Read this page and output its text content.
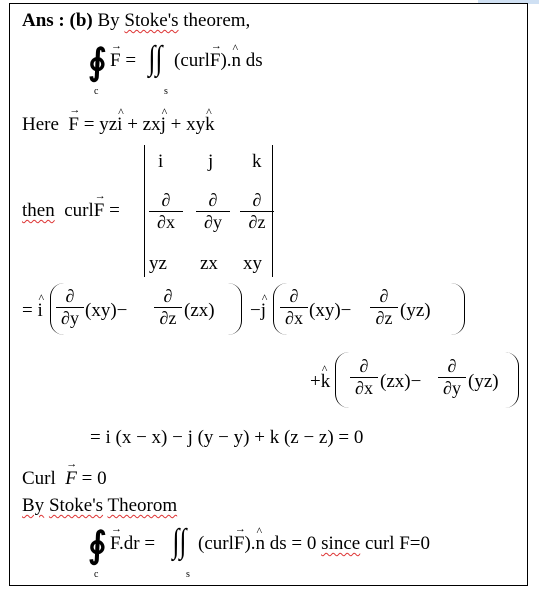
Ans : (b) By Stoke's theorem,
∮ → F = ∫∫ (curl→ F).^ n ds
c	s
Here → F = yz^ i + zx^ j + xy^ k
then curl→ F =
i j k
∂
∂x
∂
∂y
∂
∂z
yz zx xy
= ^ i
∂
∂y (xy)−
∂
∂z (zx) −^ j
∂
∂x (xy)−
∂
∂z (yz)
+^ k
∂
∂x (zx)−
∂
∂y (yz)
= i (x − x) − j (y − y) + k (z − z) = 0
Curl → F = 0
By Stoke's Theorom
∮ → F.dr = ∫∫ (curl→ F).^ n ds = 0 since curl F=0
c	s
